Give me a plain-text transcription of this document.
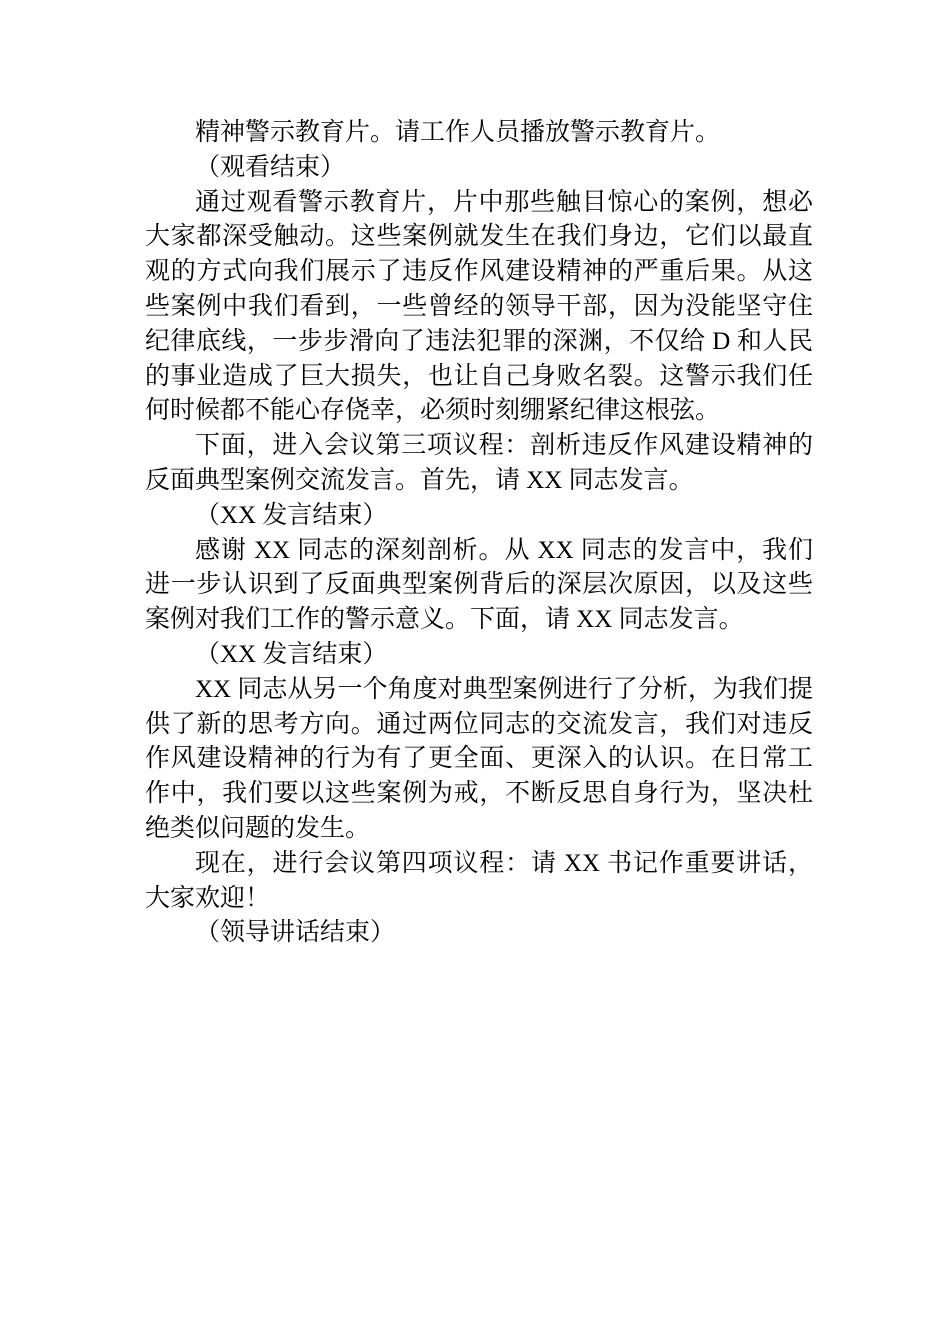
精神警示教育片。请工作人员播放警示教育片。

（观看结束）

通过观看警示教育片，片中那些触目惊心的案例，想必大家都深受触动。这些案例就发生在我们身边，它们以最直观的方式向我们展示了违反作风建设精神的严重后果。从这些案例中我们看到，一些曾经的领导干部，因为没能坚守住纪律底线，一步步滑向了违法犯罪的深渊，不仅给 D 和人民的事业造成了巨大损失，也让自己身败名裂。这警示我们任何时候都不能心存侥幸，必须时刻绷紧纪律这根弦。

下面，进入会议第三项议程：剖析违反作风建设精神的反面典型案例交流发言。首先，请 XX 同志发言。

（XX 发言结束）

感谢 XX 同志的深刻剖析。从 XX 同志的发言中，我们进一步认识到了反面典型案例背后的深层次原因，以及这些案例对我们工作的警示意义。下面，请 XX 同志发言。

（XX 发言结束）

XX 同志从另一个角度对典型案例进行了分析，为我们提供了新的思考方向。通过两位同志的交流发言，我们对违反作风建设精神的行为有了更全面、更深入的认识。在日常工作中，我们要以这些案例为戒，不断反思自身行为，坚决杜绝类似问题的发生。

现在，进行会议第四项议程：请 XX 书记作重要讲话，大家欢迎！

（领导讲话结束）
